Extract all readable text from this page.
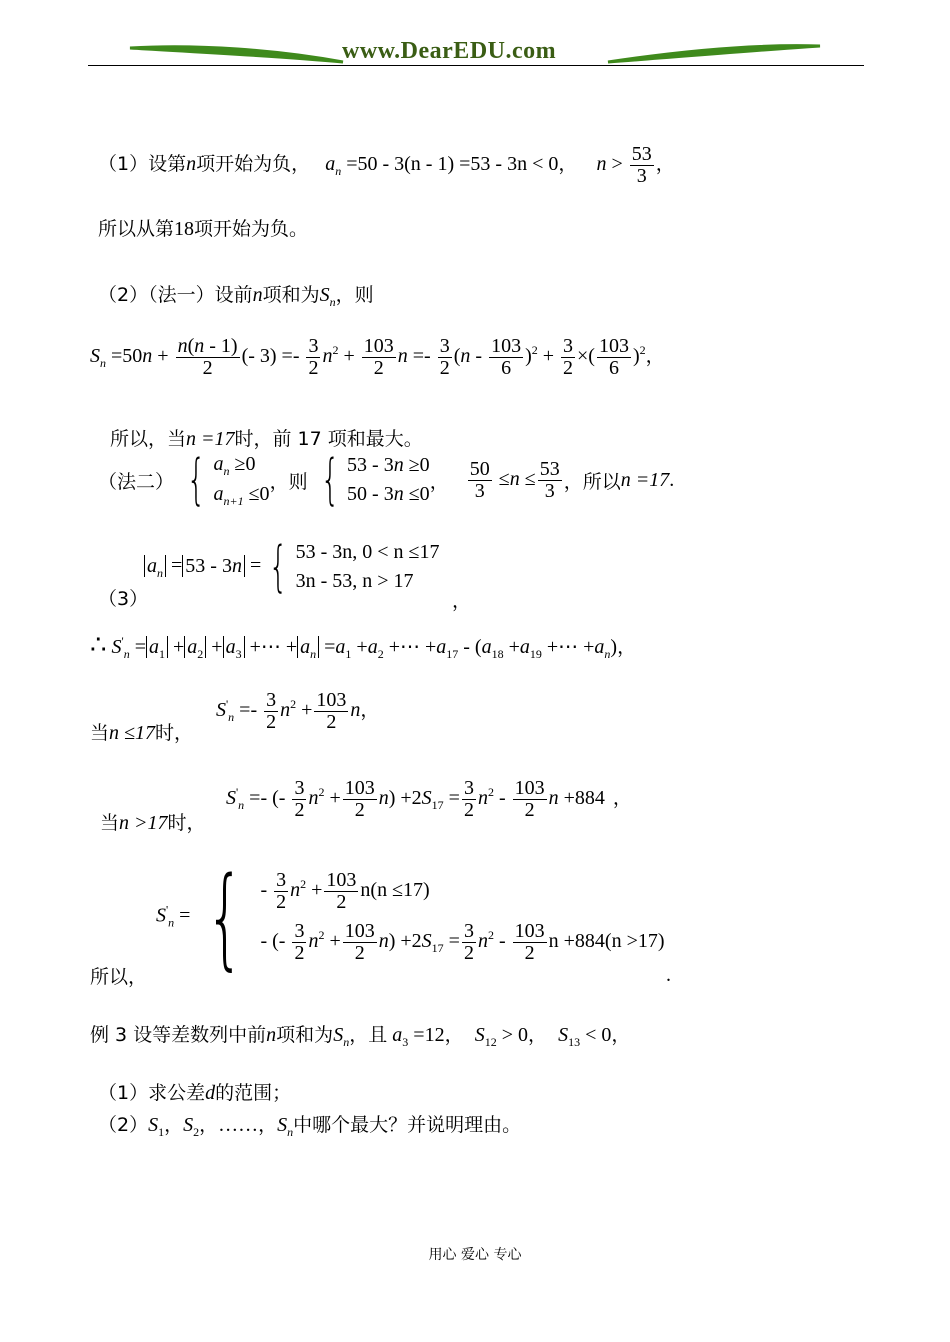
www.DearEDU.com
（1）设第n项开始为负， $a_n =50 - 3(n - 1) =53 - 3n < 0$， $n > \frac{53}{3}$ ，
所以从第18项开始为负。
（2）（法一）设前n项和为$S_n$，则
$S_n =50n + \frac{n(n - 1)}{2}$ (- $3) =- \frac{3}{2} n^2 + \frac{103}{2}$ $n =- \frac{3}{2} (n - \frac{103}{6} )^2 + \frac{3}{2}$ ×( $\frac{103}{6} )^2$，
所以，当n =17时，前 17 项和最大。
（法二） { $a_n \ge 0$
$a_{n+1} \le 0$
，则 { 53 - 3n ≥0
50 - 3n ≤0
， $\frac{50}{3} \le n \le \frac{53}{3}$ ，所以n =17.
（3）
$a_n = 53 - 3n$ = { 53 - 3n, 0 < n ≤17
3n - 53, n > 17
，
∴ $S'_n = a_1 + a_2 + a_3$ +⋯ + $a_n =a_1 +a_2$ +⋯ $+a_{17} - (a_{18} +a_{19}$ +⋯ $+a_n$)，
当n ≤17时，
$S'_n =- \frac{3}{2} n^2 + \frac{103}{2}$ n，
当n >17时，
$S'_n$ =- (- $\frac{3}{2} n^2 + \frac{103}{2} n) +2S_{17} = \frac{3}{2} n^2 - \frac{103}{2}$ n +884 ，
所以，
$S'_n$ = { - $\frac{3}{2} n^2 + \frac{103}{2} n(n \le 17)$
- (- $\frac{3}{2} n^2 + \frac{103}{2} n) +2S_{17} = \frac{3}{2} n^2 - \frac{103}{2}$ n +884(n >17)
.
例 3 设等差数列中前n项和为$S_n$，且 $a_3 =12$， $S_{12} > 0$， $S_{13} < 0$，
（1）求公差d的范围；
$(2)S_1$，$S_2$，……，$S_n$中哪个最大？并说明理由。
用心 爱心 专心
